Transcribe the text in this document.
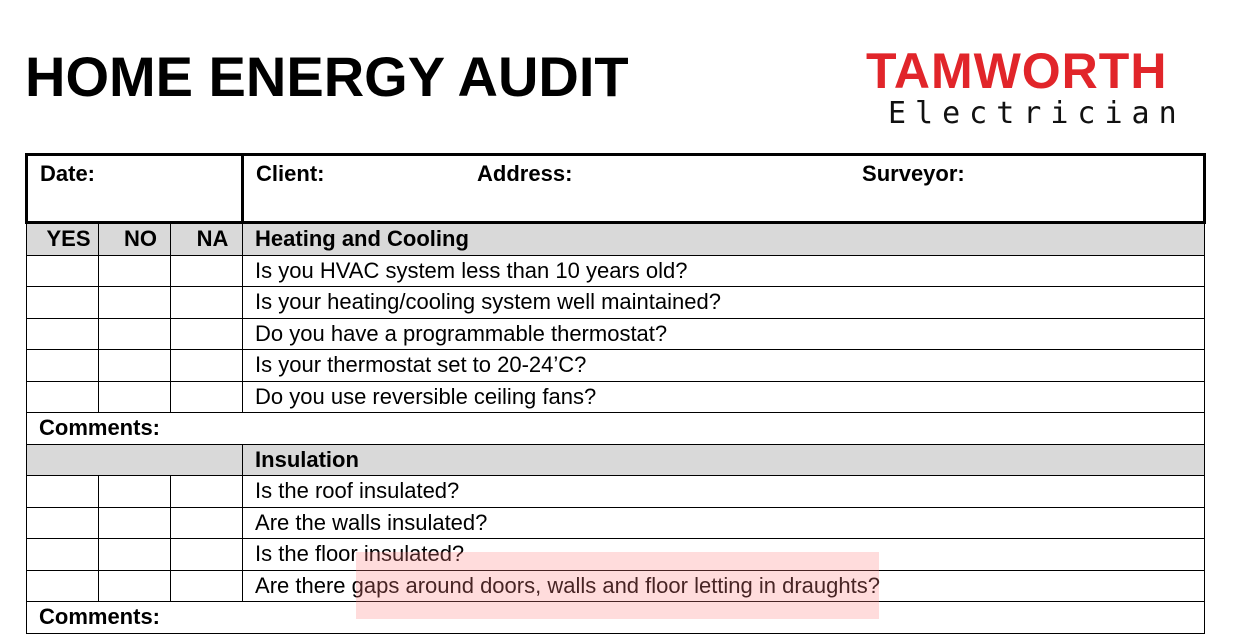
HOME ENERGY AUDIT	TAMWORTH
Electrician
Date:			Client: Address: Surveyor:

YES	NO	NA	Heating and Cooling
			Is you HVAC system less than 10 years old?
			Is your heating/cooling system well maintained?
			Do you have a programmable thermostat?
			Is your thermostat set to 20-24’C?
			Do you use reversible ceiling fans?
Comments:			
			Insulation
			Is the roof insulated?
			Are the walls insulated?
			Is the floor insulated?
			Are there gaps around doors, walls and floor letting in draughts?
Comments:			
